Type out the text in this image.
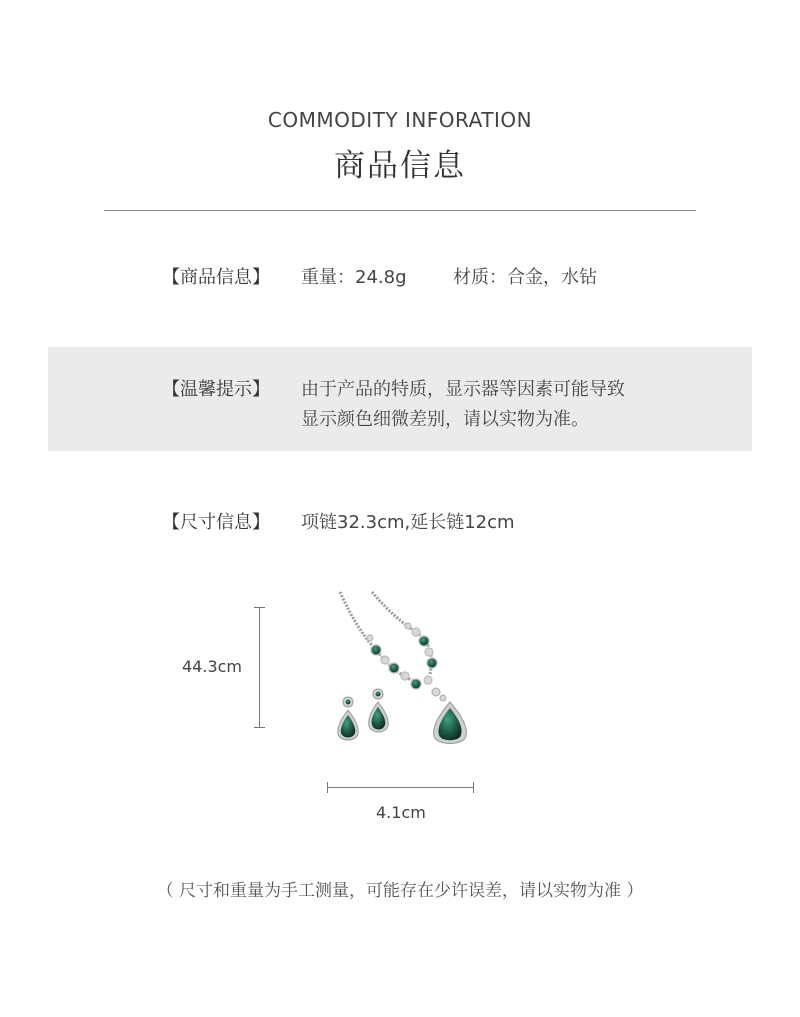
COMMODITY INFORATION
商品信息
【商品信息】 重量：24.8g	材质：合金，水钻
【温馨提示】 由于产品的特质，显示器等因素可能导致
显示颜色细微差别，请以实物为准。
【尺寸信息】 项链32.3cm,延长链12cm
44.3cm
4.1cm
（ 尺寸和重量为手工测量，可能存在少许误差，请以实物为准 ）
